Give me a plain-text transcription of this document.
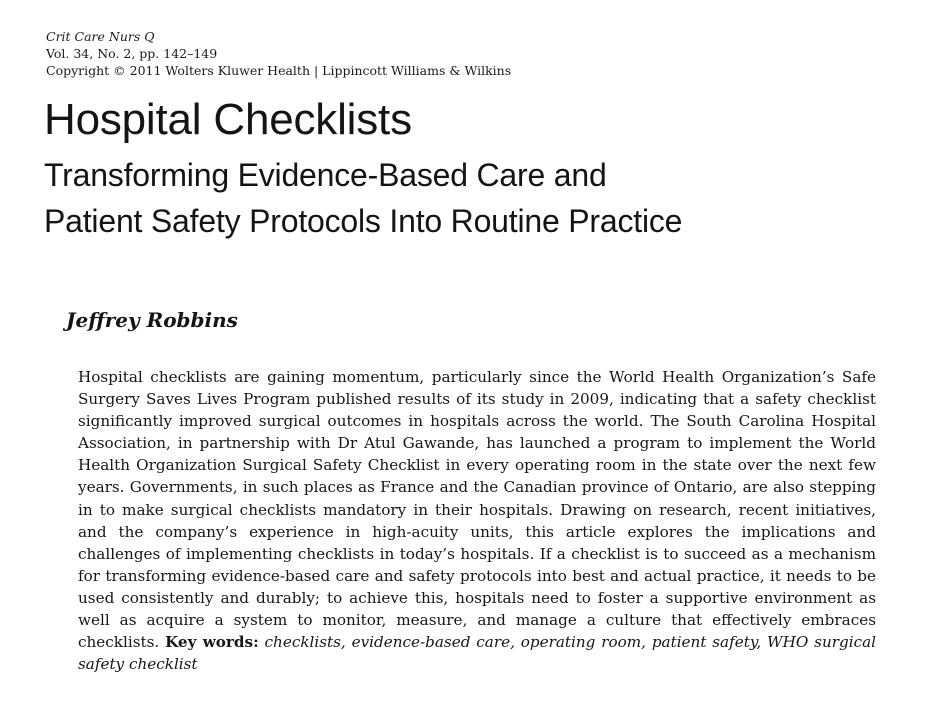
Crit Care Nurs Q
Vol. 34, No. 2, pp. 142–149
Copyright © 2011 Wolters Kluwer Health | Lippincott Williams & Wilkins
Hospital Checklists
Transforming Evidence-Based Care and Patient Safety Protocols Into Routine Practice

Jeffrey Robbins

Hospital checklists are gaining momentum, particularly since the World Health Organization’s Safe Surgery Saves Lives Program published results of its study in 2009, indicating that a safety checklist significantly improved surgical outcomes in hospitals across the world. The South Carolina Hospital Association, in partnership with Dr Atul Gawande, has launched a program to implement the World Health Organization Surgical Safety Checklist in every operating room in the state over the next few years. Governments, in such places as France and the Canadian province of Ontario, are also stepping in to make surgical checklists mandatory in their hospitals. Drawing on research, recent initiatives, and the company’s experience in high-acuity units, this article explores the implications and challenges of implementing checklists in today’s hospitals. If a checklist is to succeed as a mechanism for transforming evidence-based care and safety protocols into best and actual practice, it needs to be used consistently and durably; to achieve this, hospitals need to foster a supportive environment as well as acquire a system to monitor, measure, and manage a culture that effectively embraces checklists. Key words: checklists, evidence-based care, operating room, patient safety, WHO surgical safety checklist
